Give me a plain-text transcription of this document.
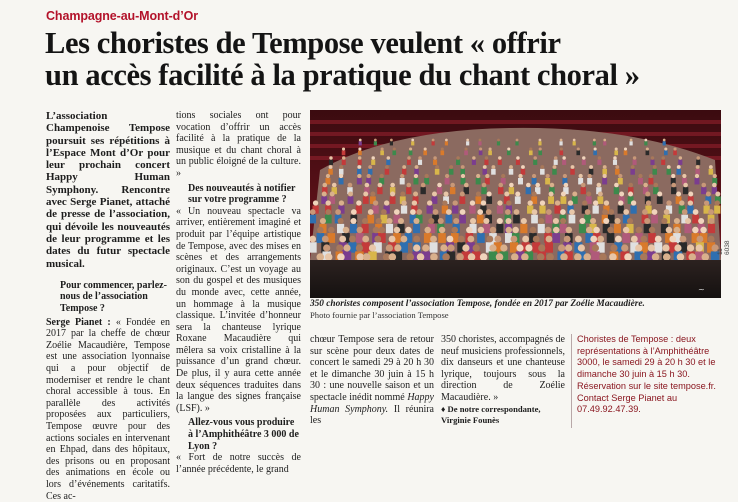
Champagne-au-Mont-d’Or
Les choristes de Tempose veulent « offrir
un accès facilité à la pratique du chant choral »

L’association Champenoise Tempose poursuit ses répétitions à l’Espace Mont d’Or pour leur prochain concert Happy Human Symphony. Rencontre avec Serge Pianet, attaché de presse de l’association, qui dévoile les nouveautés de leur programme et les dates du futur spectacle musical.

Pour commencer, parlez-nous de l’association Tempose ?

Serge Pianet : « Fondée en 2017 par la cheffe de chœur Zoélie Macaudière, Tempose est une association lyonnaise qui a pour objectif de moderniser et rendre le chant choral accessible à tous. En parallèle des activités proposées aux particuliers, Tempose œuvre pour des actions sociales en intervenant en Ehpad, dans des hôpitaux, des prisons ou en proposant des animations en école ou lors d’événements caritatifs. Ces ac-

tions sociales ont pour vocation d’offrir un accès facilité à la pratique de la musique et du chant choral à un public éloigné de la culture. »

Des nouveautés à notifier sur votre programme ?

« Un nouveau spectacle va arriver, entièrement imaginé et produit par l’équipe artistique de Tempose, avec des mises en scènes et des arrangements originaux. C’est un voyage au son du gospel et des musiques du monde avec, cette année, un hommage à la musique classique. L’invitée d’honneur sera la chanteuse lyrique Roxane Macaudière qui mêlera sa voix cristalline à la puissance d’un grand chœur. De plus, il y aura cette année deux séquences traduites dans la langue des signes française (LSF). »

Allez-vous vous produire à l’Amphithéâtre 3 000 de Lyon ?

« Fort de notre succès de l’année précédente, le grand

~
11 - 6038
350 choristes composent l’association Tempose, fondée en 2017 par Zoélie Macaudière.
Photo fournie par l’association Tempose

chœur Tempose sera de retour sur scène pour deux dates de concert le samedi 29 à 20 h 30 et le dimanche 30 juin à 15 h 30 : une nouvelle saison et un spectacle inédit nommé Happy Human Symphony. Il réunira les

350 choristes, accompagnés de neuf musiciens professionnels, dix danseurs et une chanteuse lyrique, toujours sous la direction de Zoélie Macaudière. »

♦ De notre correspondante,

Virginie Founès

Choristes de Tempose : deux représentations à l’Amphithéâtre 3000, le samedi 29 à 20 h 30 et le dimanche 30 juin à 15 h 30. Réservation sur le site tempose.fr. Contact Serge Pianet au 07.49.92.47.39.
